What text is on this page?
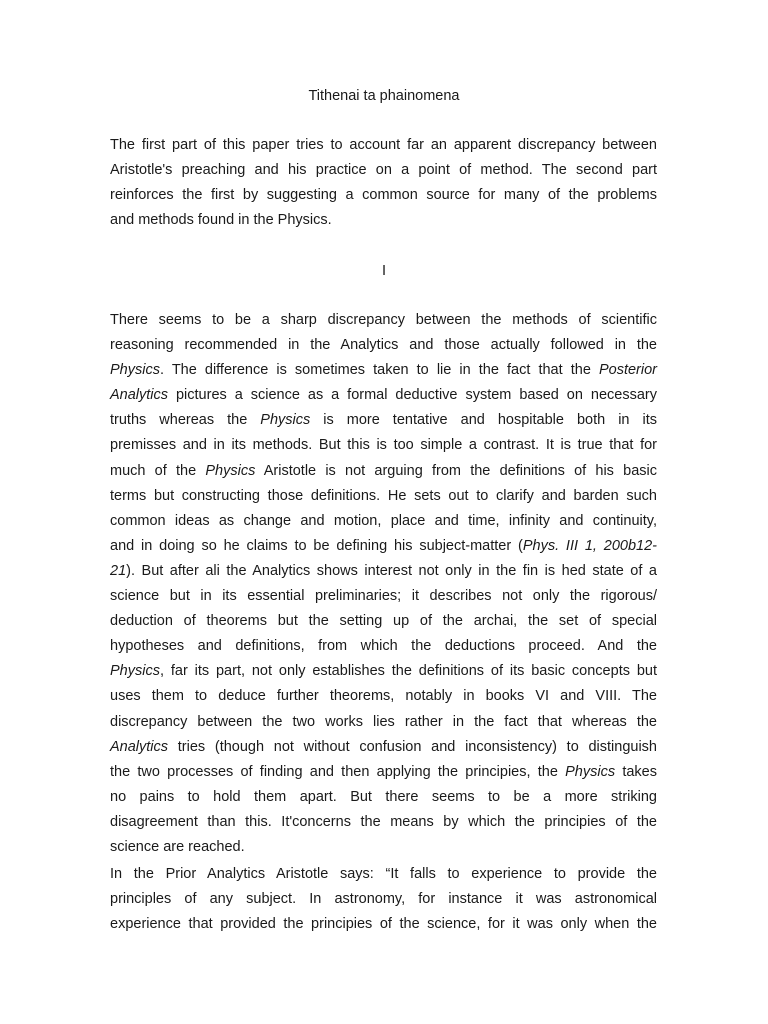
Tithenai ta phainomena
The first part of this paper tries to account far an apparent discrepancy between
Aristotle's preaching and his practice on a point of method. The second part
reinforces the first by suggesting a common source for many of the problems
and methods found in the Physics.
I
There seems to be a sharp discrepancy between the methods of scientific
reasoning recommended in the Analytics and those actually followed in the
Physics. The difference is sometimes taken to lie in the fact that the Posterior
Analytics pictures a science as a formal deductive system based on necessary
truths whereas the Physics is more tentative and hospitable both in its
premisses and in its methods. But this is too simple a contrast. It is true that for
much of the Physics Aristotle is not arguing from the definitions of his basic
terms but constructing those definitions. He sets out to clarify and barden such
common ideas as change and motion, place and time, infinity and continuity,
and in doing so he claims to be defining his subject-matter (Phys. III 1, 200b12-
21). But after ali the Analytics shows interest not only in the fin is hed state of a
science but in its essential preliminaries; it describes not only the rigorous/
deduction of theorems but the setting up of the archai, the set of special
hypotheses and definitions, from which the deductions proceed. And the
Physics, far its part, not only establishes the definitions of its basic concepts but
uses them to deduce further theorems, notably in books VI and VIII. The
discrepancy between the two works lies rather in the fact that whereas the
Analytics tries (though not without confusion and inconsistency) to distinguish
the two processes of finding and then applying the principies, the Physics takes
no pains to hold them apart. But there seems to be a more striking
disagreement than this. It'concerns the means by which the principies of the
science are reached.
In the Prior Analytics Aristotle says: “It falls to experience to provide the
principles of any subject. In astronomy, for instance it was astronomical
experience that provided the principies of the science, for it was only when the
